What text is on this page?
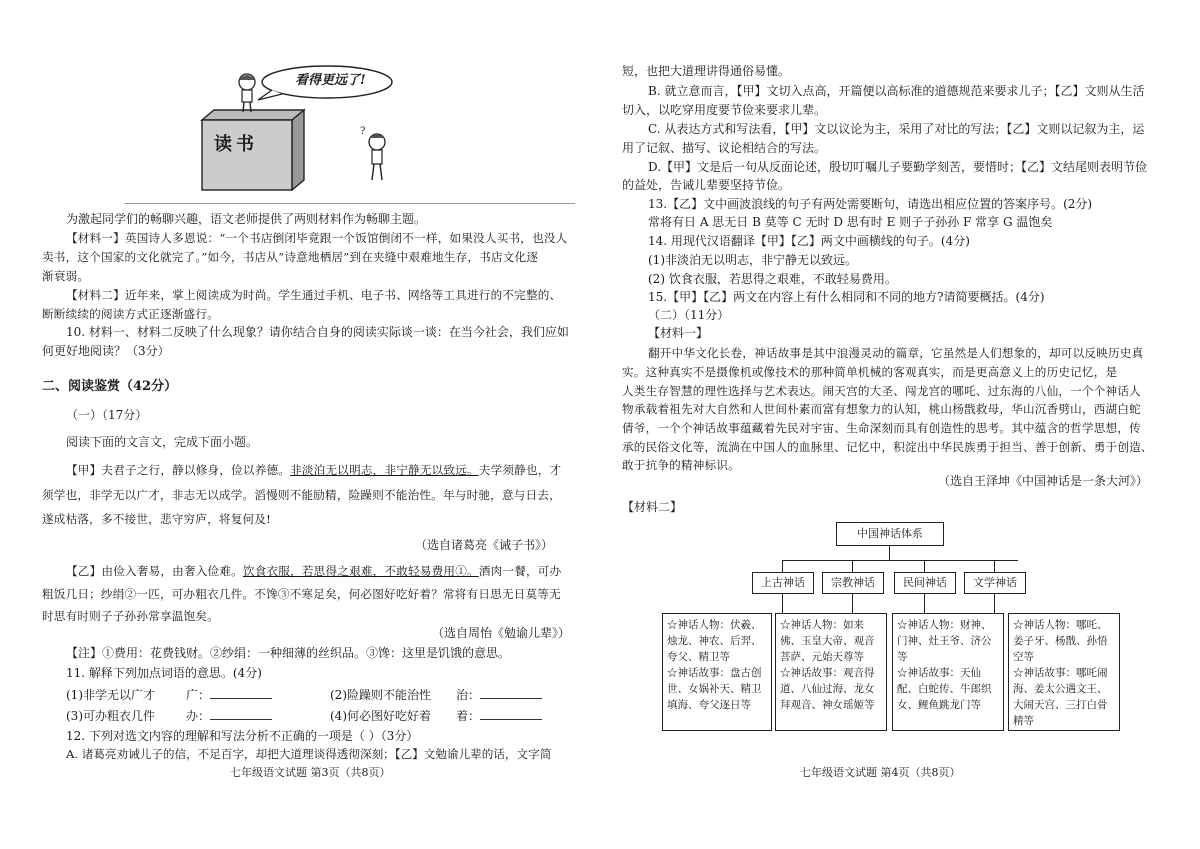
?
看得更远了!
读书
为激起同学们的畅聊兴趣，语文老师提供了两则材料作为畅聊主题。
【材料一】英国诗人多恩说：“一个书店倒闭毕竟跟一个饭馆倒闭不一样，如果没人买书，也没人
卖书，这个国家的文化就完了。”如今，书店从“诗意地栖居”到在夹缝中艰难地生存，书店文化逐
渐衰弱。
【材料二】近年来，掌上阅读成为时尚。学生通过手机、电子书、网络等工具进行的不完整的、
断断续续的阅读方式正逐渐盛行。
10. 材料一、材料二反映了什么现象？请你结合自身的阅读实际谈一谈：在当今社会，我们应如
何更好地阅读？（3分）
二、阅读鉴赏（42分）
（一）（17分）
阅读下面的文言文，完成下面小题。
【甲】夫君子之行，静以修身，俭以养德。非淡泊无以明志，非宁静无以致远。夫学须静也，才
须学也，非学无以广才，非志无以成学。滔慢则不能励精，险躁则不能治性。年与时驰，意与日去，
遂成枯落，多不接世，悲守穷庐，将复何及!
（选自诸葛亮《诫子书》）
【乙】由俭入奢易，由奢入俭难。饮食衣服，若思得之艰难，不敢轻易费用①。酒肉一餐，可办
粗饭几日；纱绢②一匹，可办粗衣几件。不馋③不寒足矣，何必图好吃好着？常将有日思无日莫等无
时思有时则子子孙孙常享温饱矣。
（选自周怡《勉谕儿辈》）
【注】①费用：花费钱财。②纱绢：一种细薄的丝织品。③馋：这里是饥饿的意思。
11. 解释下列加点词语的意思。(4分)
(1)非学无以广才	广：	(2)险躁则不能治性 治：
(3)可办粗衣几件	办：	(4)何必图好吃好着 着：
12. 下列对选文内容的理解和写法分析不正确的一项是（ ）（3分）
A. 诸葛亮劝诫儿子的信，不足百字，却把大道理谈得透彻深刻；【乙】文勉谕儿辈的话，文字简
七年级语文试题 第3页（共8页）
短，也把大道理讲得通俗易懂。
B. 就立意而言，【甲】文切入点高，开篇便以高标准的道德规范来要求儿子；【乙】文则从生活
切入，以吃穿用度要节俭来要求儿辈。
C. 从表达方式和写法看，【甲】文以议论为主，采用了对比的写法；【乙】文则以记叙为主，运
用了记叙、描写、议论相结合的写法。
D.【甲】文是后一句从反面论述，殷切叮嘱儿子要勤学刻苦，要惜时；【乙】文结尾则表明节俭
的益处，告诫儿辈要坚持节俭。
13.【乙】文中画波浪线的句子有两处需要断句，请选出相应位置的答案序号。(2分)
常将有日 A 思无日 B 莫等 C 无时 D 思有时 E 则子子孙孙 F 常享 G 温饱矣
14. 用现代汉语翻译【甲】【乙】两文中画横线的句子。(4分)
(1)非淡泊无以明志，非宁静无以致远。
(2) 饮食衣服，若思得之艰难，不敢轻易费用。
15.【甲】【乙】两文在内容上有什么相同和不同的地方?请简要概括。(4分)
（二）（11分）
【材料一】
翻开中华文化长卷，神话故事是其中浪漫灵动的篇章，它虽然是人们想象的，却可以反映历史真
实。这种真实不是摄像机或像技术的那种简单机械的客观真实，而是更高意义上的历史记忆，是
人类生存智慧的理性选择与艺术表达。闹天宫的大圣、闯龙宫的哪吒、过东海的八仙，一个个神话人
物承载着祖先对大自然和人世间朴素而富有想象力的认知，桃山杨戬救母，华山沉香劈山，西湖白蛇
倩爷，一个个神话故事蕴藏着先民对宇宙、生命深刻而具有创造性的思考。其中蕴含的哲学思想，传
承的民俗文化等，流淌在中国人的血脉里、记忆中，积淀出中华民族勇于担当、善于创新、勇于创造、
敢于抗争的精神标识。
（选自王泽坤《中国神话是一条大河》）
【材料二】
中国神话体系
上古神话	宗教神话	民间神话	文学神话
☆神话人物：伏羲、烛龙、神农、后羿、夸父、精卫等
☆神话故事：盘古创世、女娲补天、精卫填海、夸父逐日等
☆神话人物：如来佛、玉皇大帝、观音菩萨、元始天尊等
☆神话故事：观音得道、八仙过海、龙女拜观音、神女瑶姬等
☆神话人物：财神、门神、灶王爷、济公等
☆神话故事：天仙配、白蛇传、牛郎织女、鲤鱼跳龙门等
☆神话人物：哪吒、姜子牙、杨戬、孙悟空等
☆神话故事：哪吒闹海、姜太公遇文王、大闹天宫、三打白骨精等
七年级语文试题 第4页（共8页）
